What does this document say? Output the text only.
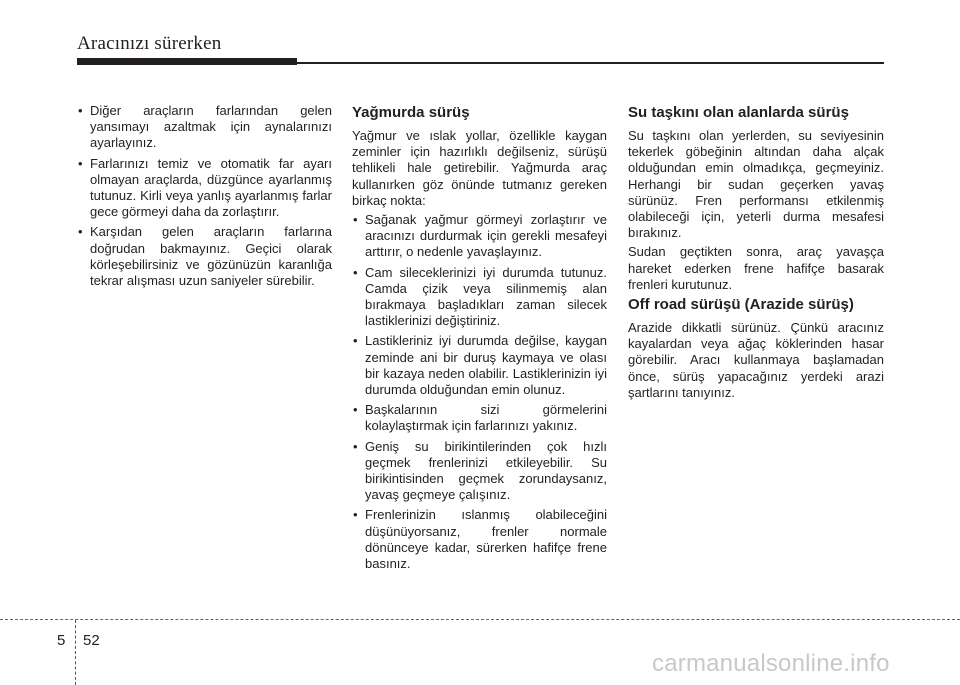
Aracınızı sürerken
• Diğer araçların farlarından gelen yansımayı azaltmak için aynalarınızı ayarlayınız.
• Farlarınızı temiz ve otomatik far ayarı olmayan araçlarda, düzgünce ayarlanmış tutunuz. Kirli veya yanlış ayarlanmış farlar gece görmeyi daha da zorlaştırır.
• Karşıdan gelen araçların farlarına doğrudan bakmayınız. Geçici olarak körleşebilirsiniz ve gözünüzün karanlığa tekrar alışması uzun saniyeler sürebilir.
Yağmurda sürüş

Yağmur ve ıslak yollar, özellikle kaygan zeminler için hazırlıklı değilseniz, sürüşü tehlikeli hale getirebilir. Yağmurda araç kullanırken göz önünde tutmanız gereken birkaç nokta:

• Sağanak yağmur görmeyi zorlaştırır ve aracınızı durdurmak için gerekli mesafeyi arttırır, o nedenle yavaşlayınız.
• Cam sileceklerinizi iyi durumda tutunuz. Camda çizik veya silinmemiş alan bırakmaya başladıkları zaman silecek lastiklerinizi değiştiriniz.
• Lastikleriniz iyi durumda değilse, kaygan zeminde ani bir duruş kaymaya ve olası bir kazaya neden olabilir. Lastiklerinizin iyi durumda olduğundan emin olunuz.
• Başkalarının sizi görmelerini kolaylaştırmak için farlarınızı yakınız.
• Geniş su birikintilerinden çok hızlı geçmek frenlerinizi etkileyebilir. Su birikintisinden geçmek zorundaysanız, yavaş geçmeye çalışınız.
• Frenlerinizin ıslanmış olabileceğini düşünüyorsanız, frenler normale dönünceye kadar, sürerken hafifçe frene basınız.
Su taşkını olan alanlarda sürüş

Su taşkını olan yerlerden, su seviyesinin tekerlek göbeğinin altından daha alçak olduğundan emin olmadıkça, geçmeyiniz. Herhangi bir sudan geçerken yavaş sürünüz. Fren performansı etkilenmiş olabileceği için, yeterli durma mesafesi bırakınız.

Sudan geçtikten sonra, araç yavaşça hareket ederken frene hafifçe basarak frenleri kurutunuz.

Off road sürüşü (Arazide sürüş)

Arazide dikkatli sürünüz. Çünkü aracınız kayalardan veya ağaç köklerinden hasar görebilir. Aracı kullanmaya başlamadan önce, sürüş yapacağınız yerdeki arazi şartlarını tanıyınız.

5 52
carmanualsonline.info
